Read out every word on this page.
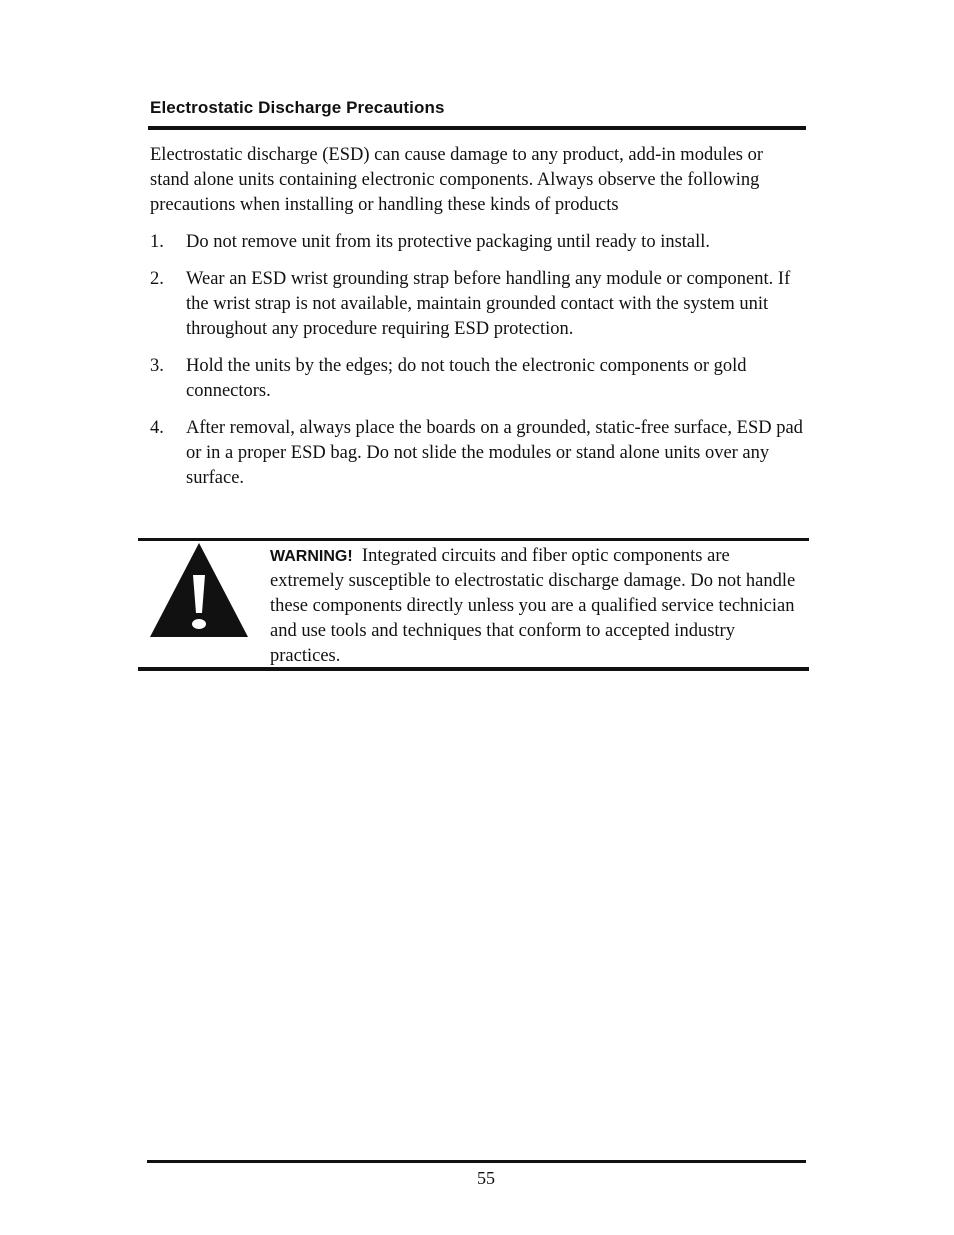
Electrostatic Discharge Precautions
Electrostatic discharge (ESD) can cause damage to any product, add-in modules or stand alone units containing electronic components. Always observe the following precautions when installing or handling these kinds of products
1.	Do not remove unit from its protective packaging until ready to install.
2.	Wear an ESD wrist grounding strap before handling any module or component. If the wrist strap is not available, maintain grounded contact with the system unit throughout any procedure requiring ESD protection.
3.	Hold the units by the edges; do not touch the electronic components or gold connectors.
4.	After removal, always place the boards on a grounded, static-free surface, ESD pad or in a proper ESD bag. Do not slide the modules or stand alone units over any surface.
WARNING! Integrated circuits and fiber optic components are extremely susceptible to electrostatic discharge damage. Do not handle these components directly unless you are a qualified service technician and use tools and techniques that conform to accepted industry practices.
55
